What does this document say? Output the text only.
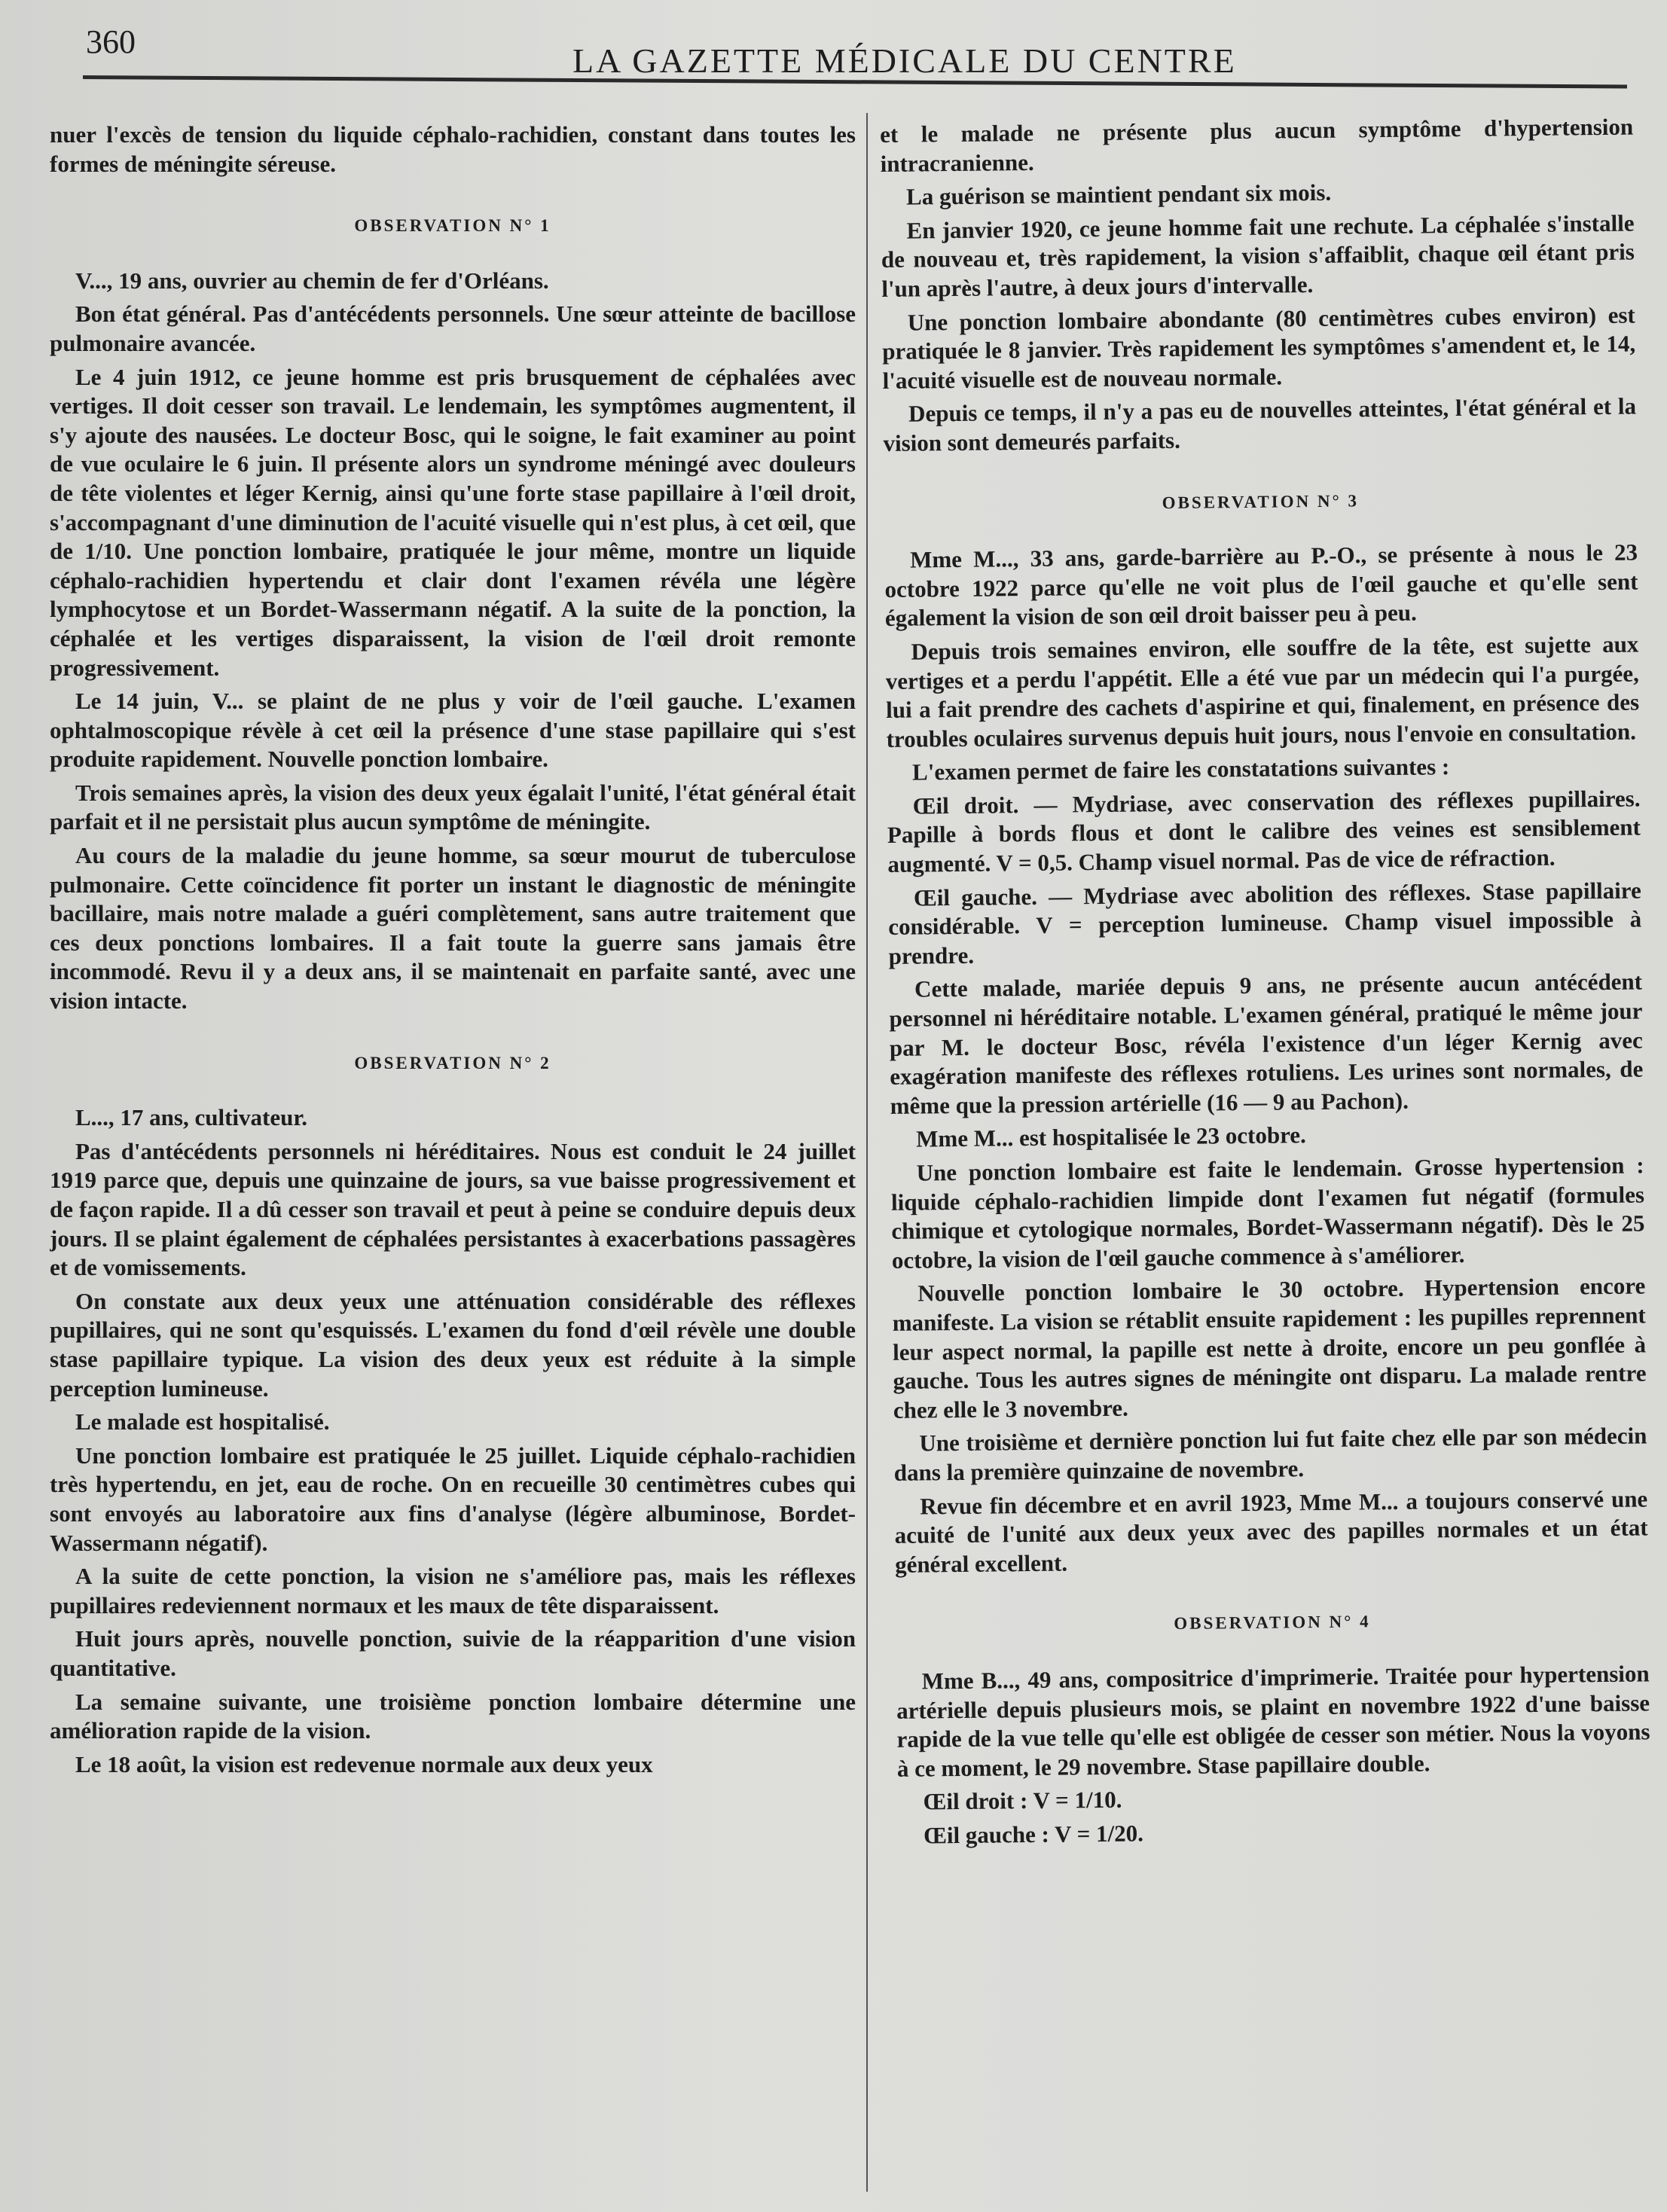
360	LA GAZETTE MÉDICALE DU CENTRE

nuer l'excès de tension du liquide céphalo-rachidien, constant dans toutes les formes de méningite séreuse.

OBSERVATION N° 1

V..., 19 ans, ouvrier au chemin de fer d'Orléans.

Bon état général. Pas d'antécédents personnels. Une sœur atteinte de bacillose pulmonaire avancée.

Le 4 juin 1912, ce jeune homme est pris brusquement de céphalées avec vertiges. Il doit cesser son travail. Le lendemain, les symptômes augmentent, il s'y ajoute des nausées. Le docteur Bosc, qui le soigne, le fait examiner au point de vue oculaire le 6 juin. Il présente alors un syndrome méningé avec douleurs de tête violentes et léger Kernig, ainsi qu'une forte stase papillaire à l'œil droit, s'accompagnant d'une diminution de l'acuité visuelle qui n'est plus, à cet œil, que de 1/10. Une ponction lombaire, pratiquée le jour même, montre un liquide céphalo-rachidien hypertendu et clair dont l'examen révéla une légère lymphocytose et un Bordet-Wassermann négatif. A la suite de la ponction, la céphalée et les vertiges disparaissent, la vision de l'œil droit remonte progressivement.

Le 14 juin, V... se plaint de ne plus y voir de l'œil gauche. L'examen ophtalmoscopique révèle à cet œil la présence d'une stase papillaire qui s'est produite rapidement. Nouvelle ponction lombaire.

Trois semaines après, la vision des deux yeux égalait l'unité, l'état général était parfait et il ne persistait plus aucun symptôme de méningite.

Au cours de la maladie du jeune homme, sa sœur mourut de tuberculose pulmonaire. Cette coïncidence fit porter un instant le diagnostic de méningite bacillaire, mais notre malade a guéri complètement, sans autre traitement que ces deux ponctions lombaires. Il a fait toute la guerre sans jamais être incommodé. Revu il y a deux ans, il se maintenait en parfaite santé, avec une vision intacte.

OBSERVATION N° 2

L..., 17 ans, cultivateur.

Pas d'antécédents personnels ni héréditaires. Nous est conduit le 24 juillet 1919 parce que, depuis une quinzaine de jours, sa vue baisse progressivement et de façon rapide. Il a dû cesser son travail et peut à peine se conduire depuis deux jours. Il se plaint également de céphalées persistantes à exacerbations passagères et de vomissements.

On constate aux deux yeux une atténuation considérable des réflexes pupillaires, qui ne sont qu'esquissés. L'examen du fond d'œil révèle une double stase papillaire typique. La vision des deux yeux est réduite à la simple perception lumineuse.

Le malade est hospitalisé.

Une ponction lombaire est pratiquée le 25 juillet. Liquide céphalo-rachidien très hypertendu, en jet, eau de roche. On en recueille 30 centimètres cubes qui sont envoyés au laboratoire aux fins d'analyse (légère albuminose, Bordet-Wassermann négatif).

A la suite de cette ponction, la vision ne s'améliore pas, mais les réflexes pupillaires redeviennent normaux et les maux de tête disparaissent.

Huit jours après, nouvelle ponction, suivie de la réapparition d'une vision quantitative.

La semaine suivante, une troisième ponction lombaire détermine une amélioration rapide de la vision.

Le 18 août, la vision est redevenue normale aux deux yeux

et le malade ne présente plus aucun symptôme d'hypertension intracranienne.

La guérison se maintient pendant six mois.

En janvier 1920, ce jeune homme fait une rechute. La céphalée s'installe de nouveau et, très rapidement, la vision s'affaiblit, chaque œil étant pris l'un après l'autre, à deux jours d'intervalle.

Une ponction lombaire abondante (80 centimètres cubes environ) est pratiquée le 8 janvier. Très rapidement les symptômes s'amendent et, le 14, l'acuité visuelle est de nouveau normale.

Depuis ce temps, il n'y a pas eu de nouvelles atteintes, l'état général et la vision sont demeurés parfaits.

OBSERVATION N° 3

Mme M..., 33 ans, garde-barrière au P.-O., se présente à nous le 23 octobre 1922 parce qu'elle ne voit plus de l'œil gauche et qu'elle sent également la vision de son œil droit baisser peu à peu.

Depuis trois semaines environ, elle souffre de la tête, est sujette aux vertiges et a perdu l'appétit. Elle a été vue par un médecin qui l'a purgée, lui a fait prendre des cachets d'aspirine et qui, finalement, en présence des troubles oculaires survenus depuis huit jours, nous l'envoie en consultation.

L'examen permet de faire les constatations suivantes :

Œil droit. — Mydriase, avec conservation des réflexes pupillaires. Papille à bords flous et dont le calibre des veines est sensiblement augmenté. V = 0,5. Champ visuel normal. Pas de vice de réfraction.

Œil gauche. — Mydriase avec abolition des réflexes. Stase papillaire considérable. V = perception lumineuse. Champ visuel impossible à prendre.

Cette malade, mariée depuis 9 ans, ne présente aucun antécédent personnel ni héréditaire notable. L'examen général, pratiqué le même jour par M. le docteur Bosc, révéla l'existence d'un léger Kernig avec exagération manifeste des réflexes rotuliens. Les urines sont normales, de même que la pression artérielle (16 — 9 au Pachon).

Mme M... est hospitalisée le 23 octobre.

Une ponction lombaire est faite le lendemain. Grosse hypertension : liquide céphalo-rachidien limpide dont l'examen fut négatif (formules chimique et cytologique normales, Bordet-Wassermann négatif). Dès le 25 octobre, la vision de l'œil gauche commence à s'améliorer.

Nouvelle ponction lombaire le 30 octobre. Hypertension encore manifeste. La vision se rétablit ensuite rapidement : les pupilles reprennent leur aspect normal, la papille est nette à droite, encore un peu gonflée à gauche. Tous les autres signes de méningite ont disparu. La malade rentre chez elle le 3 novembre.

Une troisième et dernière ponction lui fut faite chez elle par son médecin dans la première quinzaine de novembre.

Revue fin décembre et en avril 1923, Mme M... a toujours conservé une acuité de l'unité aux deux yeux avec des papilles normales et un état général excellent.

OBSERVATION N° 4

Mme B..., 49 ans, compositrice d'imprimerie. Traitée pour hypertension artérielle depuis plusieurs mois, se plaint en novembre 1922 d'une baisse rapide de la vue telle qu'elle est obligée de cesser son métier. Nous la voyons à ce moment, le 29 novembre. Stase papillaire double.

Œil droit : V = 1/10.

Œil gauche : V = 1/20.
